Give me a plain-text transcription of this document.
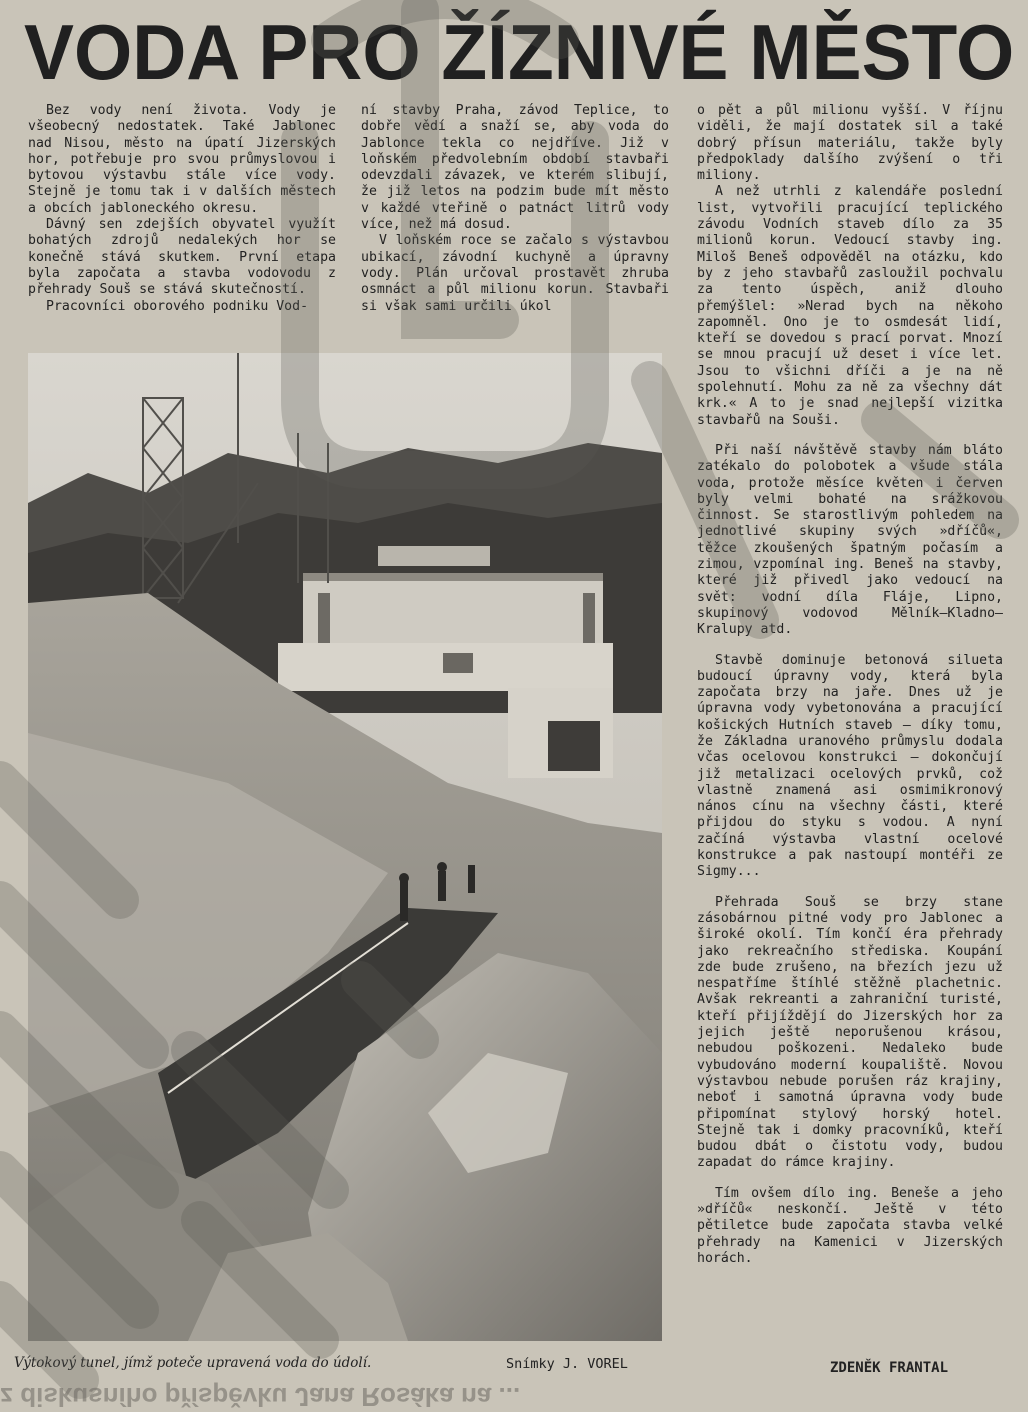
VODA PRO ŽÍZNIVÉ MĚSTO

Bez vody není života. Vody je všeobecný nedostatek. Také Jablonec nad Nisou, město na úpatí Jizerských hor, potřebuje pro svou průmyslovou i bytovou výstavbu stále více vody. Stejně je tomu tak i v dalších městech a obcích jabloneckého okresu.

Dávný sen zdejších obyvatel využít bohatých zdrojů nedalekých hor se konečně stává skutkem. První etapa byla započata a stavba vodovodu z přehrady Souš se stává skutečností.

Pracovníci oborového podniku Vod-

ní stavby Praha, závod Teplice, to dobře vědí a snaží se, aby voda do Jablonce tekla co nejdříve. Již v loňském předvolebním období stavbaři odevzdali závazek, ve kterém slibují, že již letos na podzim bude mít město v každé vteřině o patnáct litrů vody více, než má dosud.

V loňském roce se začalo s výstavbou ubikací, závodní kuchyně a úpravny vody. Plán určoval prostavět zhruba osmnáct a půl milionu korun. Stavbaři si však sami určili úkol

o pět a půl milionu vyšší. V říjnu viděli, že mají dostatek sil a také dobrý přísun materiálu, takže byly předpoklady dalšího zvýšení o tři miliony.

A než utrhli z kalendáře poslední list, vytvořili pracující teplického závodu Vodních staveb dílo za 35 milionů korun. Vedoucí stavby ing. Miloš Beneš odpověděl na otázku, kdo by z jeho stavbařů zasloužil pochvalu za tento úspěch, aniž dlouho přemýšlel: »Nerad bych na někoho zapomněl. Ono je to osmdesát lidí, kteří se dovedou s prací porvat. Mnozí se mnou pracují už deset i více let. Jsou to všichni dříči a je na ně spolehnutí. Mohu za ně za všechny dát krk.« A to je snad nejlepší vizitka stavbařů na Souši.

Při naší návštěvě stavby nám bláto zatékalo do polobotek a všude stála voda, protože měsíce květen i červen byly velmi bohaté na srážkovou činnost. Se starostlivým pohledem na jednotlivé skupiny svých »dříčů«, těžce zkoušených špatným počasím a zimou, vzpomínal ing. Beneš na stavby, které již přivedl jako vedoucí na svět: vodní díla Fláje, Lipno, skupinový vodovod Mělník—Kladno—Kralupy atd.

Stavbě dominuje betonová silueta budoucí úpravny vody, která byla započata brzy na jaře. Dnes už je úpravna vody vybetonována a pracující košických Hutních staveb — díky tomu, že Základna uranového průmyslu dodala včas ocelovou konstrukci — dokončují již metalizaci ocelových prvků, což vlastně znamená asi osmimikronový nános cínu na všechny části, které přijdou do styku s vodou. A nyní začíná výstavba vlastní ocelové konstrukce a pak nastoupí montéři ze Sigmy...

Přehrada Souš se brzy stane zásobárnou pitné vody pro Jablonec a široké okolí. Tím končí éra přehrady jako rekreačního střediska. Koupání zde bude zrušeno, na březích jezu už nespatříme štíhlé stěžně plachetnic. Avšak rekreanti a zahraniční turisté, kteří přijíždějí do Jizerských hor za jejich ještě neporušenou krásou, nebudou poškozeni. Nedaleko bude vybudováno moderní koupaliště. Novou výstavbou nebude porušen ráz krajiny, neboť i samotná úpravna vody bude připomínat stylový horský hotel. Stejně tak i domky pracovníků, kteří budou dbát o čistotu vody, budou zapadat do rámce krajiny.

Tím ovšem dílo ing. Beneše a jeho »dříčů« neskončí. Ještě v této pětiletce bude započata stavba velké přehrady na Kamenici v Jizerských horách.

Výtokový tunel, jímž poteče upravená voda do údolí.	Snímky J. VOREL	ZDENĚK FRANTAL
z diskusního příspěvku Jana Rosáka na ...
